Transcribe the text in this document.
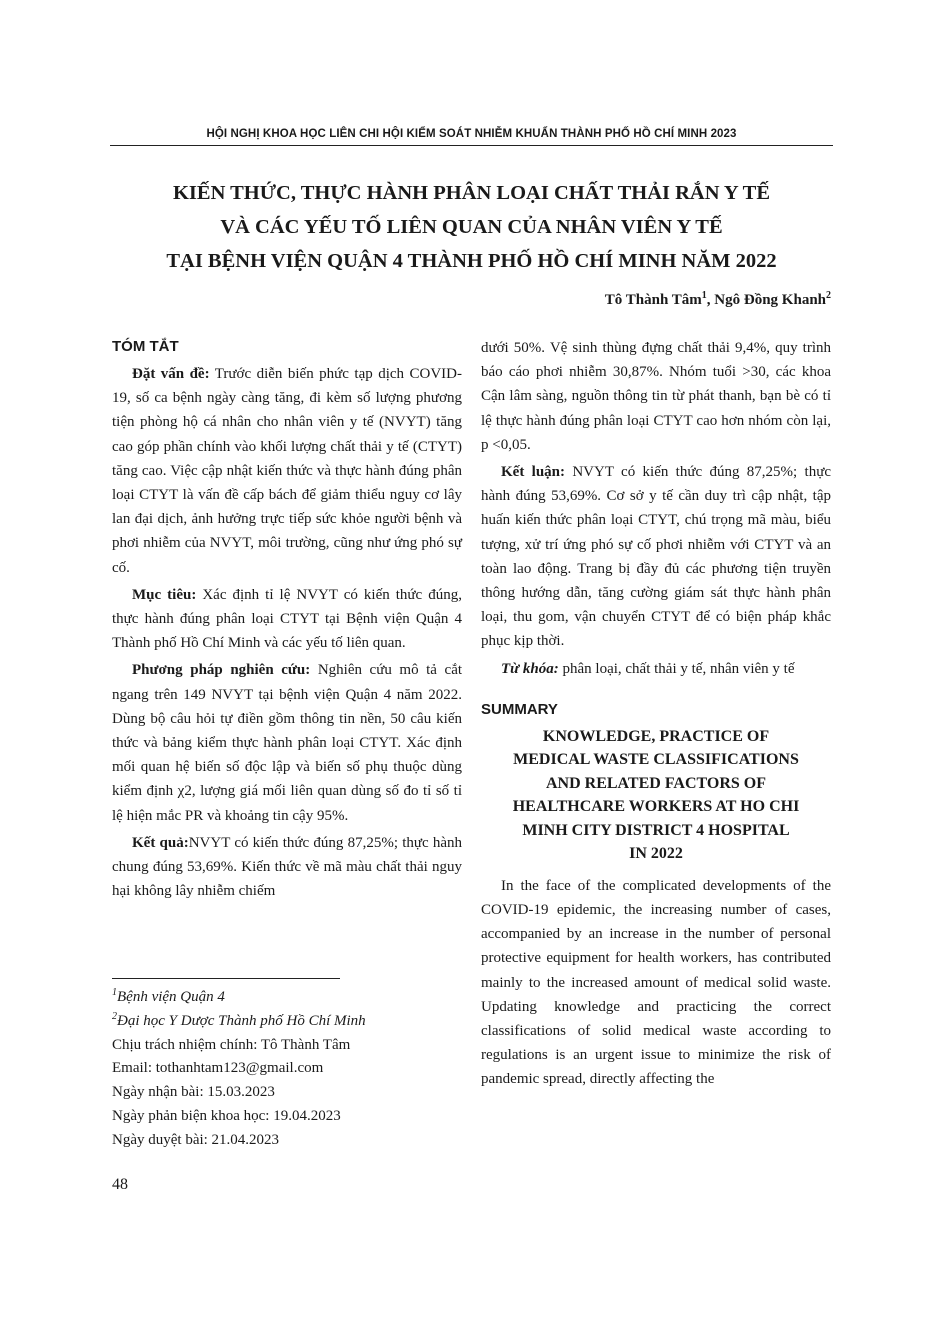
HỘI NGHỊ KHOA HỌC LIÊN CHI HỘI KIỂM SOÁT NHIỄM KHUẨN THÀNH PHỐ HỒ CHÍ MINH 2023
KIẾN THỨC, THỰC HÀNH PHÂN LOẠI CHẤT THẢI RẮN Y TẾ
VÀ CÁC YẾU TỐ LIÊN QUAN CỦA NHÂN VIÊN Y TẾ
TẠI BỆNH VIỆN QUẬN 4 THÀNH PHỐ HỒ CHÍ MINH NĂM 2022
Tô Thành Tâm$^1$, Ngô Đồng Khanh$^2$
TÓM TẮT

Đặt vấn đề: Trước diễn biến phức tạp dịch COVID-19, số ca bệnh ngày càng tăng, đi kèm số lượng phương tiện phòng hộ cá nhân cho nhân viên y tế (NVYT) tăng cao góp phần chính vào khối lượng chất thải y tế (CTYT) tăng cao. Việc cập nhật kiến thức và thực hành đúng phân loại CTYT là vấn đề cấp bách để giảm thiểu nguy cơ lây lan đại dịch, ảnh hưởng trực tiếp sức khỏe người bệnh và phơi nhiễm của NVYT, môi trường, cũng như ứng phó sự cố.

Mục tiêu: Xác định tỉ lệ NVYT có kiến thức đúng, thực hành đúng phân loại CTYT tại Bệnh viện Quận 4 Thành phố Hồ Chí Minh và các yếu tố liên quan.

Phương pháp nghiên cứu: Nghiên cứu mô tả cắt ngang trên 149 NVYT tại bệnh viện Quận 4 năm 2022. Dùng bộ câu hỏi tự điền gồm thông tin nền, 50 câu kiến thức và bảng kiểm thực hành phân loại CTYT. Xác định mối quan hệ biến số độc lập và biến số phụ thuộc dùng kiểm định χ2, lượng giá mối liên quan dùng số đo tỉ số tỉ lệ hiện mắc PR và khoảng tin cậy 95%.

Kết quả:NVYT có kiến thức đúng 87,25%; thực hành chung đúng 53,69%. Kiến thức về mã màu chất thải nguy hại không lây nhiễm chiếm

dưới 50%. Vệ sinh thùng đựng chất thải 9,4%, quy trình báo cáo phơi nhiễm 30,87%. Nhóm tuổi >30, các khoa Cận lâm sàng, nguồn thông tin từ phát thanh, bạn bè có tỉ lệ thực hành đúng phân loại CTYT cao hơn nhóm còn lại, p <0,05.

Kết luận: NVYT có kiến thức đúng 87,25%; thực hành đúng 53,69%. Cơ sở y tế cần duy trì cập nhật, tập huấn kiến thức phân loại CTYT, chú trọng mã màu, biểu tượng, xử trí ứng phó sự cố phơi nhiễm với CTYT và an toàn lao động. Trang bị đầy đủ các phương tiện truyền thông hướng dẫn, tăng cường giám sát thực hành phân loại, thu gom, vận chuyển CTYT để có biện pháp khắc phục kịp thời.

Từ khóa: phân loại, chất thải y tế, nhân viên y tế

SUMMARY
KNOWLEDGE, PRACTICE OF
MEDICAL WASTE CLASSIFICATIONS
AND RELATED FACTORS OF
HEALTHCARE WORKERS AT HO CHI
MINH CITY DISTRICT 4 HOSPITAL
IN 2022

In the face of the complicated developments of the COVID-19 epidemic, the increasing number of cases, accompanied by an increase in the number of personal protective equipment for health workers, has contributed mainly to the increased amount of medical solid waste. Updating knowledge and practicing the correct classifications of solid medical waste according to regulations is an urgent issue to minimize the risk of pandemic spread, directly affecting the

$^1$Bệnh viện Quận 4
$^2$Đại học Y Dược Thành phố Hồ Chí Minh
Chịu trách nhiệm chính: Tô Thành Tâm
Email: tothanhtam123@gmail.com
Ngày nhận bài: 15.03.2023
Ngày phản biện khoa học: 19.04.2023
Ngày duyệt bài: 21.04.2023
48
